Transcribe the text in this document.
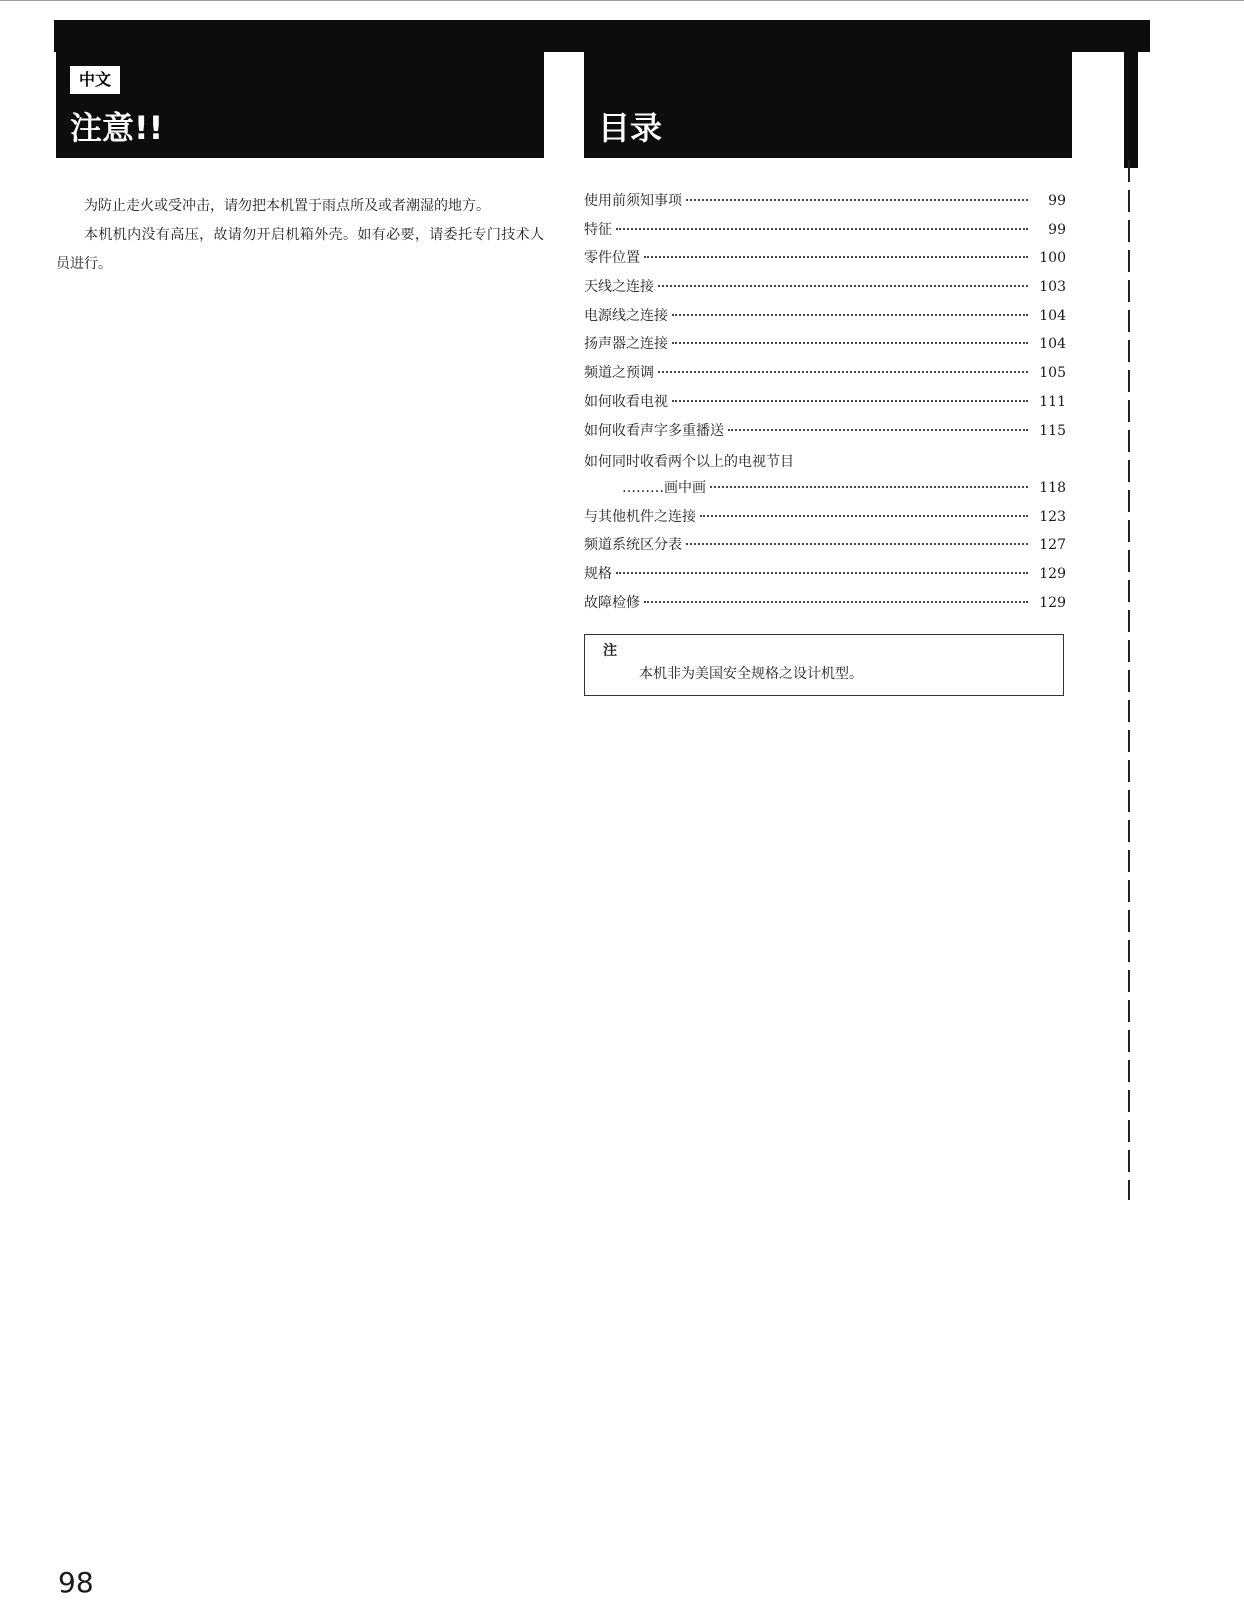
中文
注意!!	目录

为防止走火或受冲击，请勿把本机置于雨点所及或者潮湿的地方。

本机机内没有高压，故请勿开启机箱外壳。如有必要，请委托专门技术人员进行。

使用前须知事项	99
特征	99
零件位置	100
天线之连接	103
电源线之连接	104
扬声器之连接	104
频道之预调	105
如何收看电视	111
如何收看声字多重播送	115
如何同时收看两个以上的电视节目
………画中画	118
与其他机件之连接	123
频道系统区分表	127
规格	129
故障检修	129
注
本机非为美国安全规格之设计机型。
98
